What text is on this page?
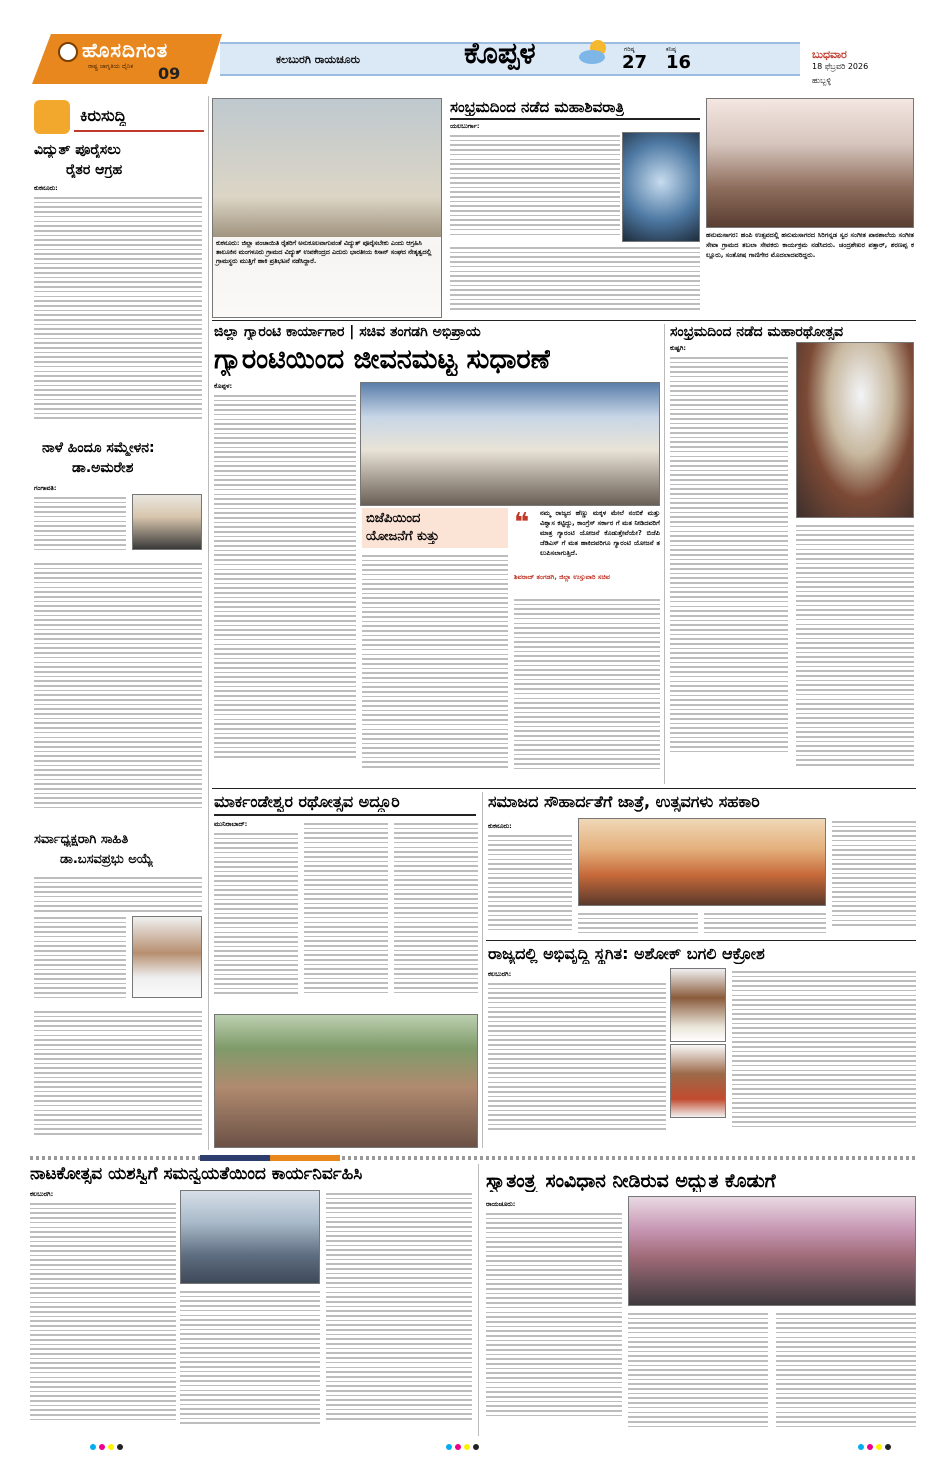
ಹೊಸದಿಗಂತ
ರಾಷ್ಟ್ರ ಜಾಗೃತಿಯ ದೈನಿಕ 09
ಕಲಬುರಗಿ ರಾಯಚೂರು	ಕೊಪ್ಪಳ	ಗರಿಷ್ಠ
27
ಕನಿಷ್ಠ
16	ಬುಧವಾರ
18 ಫೆಬ್ರವರಿ 2026
ಹುಬ್ಬಳ್ಳಿ
ಕಿರುಸುದ್ದಿ
ವಿದ್ಯುತ್ ಪೂರೈಸಲು
ರೈತರ ಆಗ್ರಹ
ಕುಕನೂರು:
ನಾಳೆ ಹಿಂದೂ ಸಮ್ಮೇಳನ:
ಡಾ.ಅಮರೇಶ
ಗಂಗಾವತಿ:
ಸರ್ವಾಧ್ಯಕ್ಷರಾಗಿ ಸಾಹಿತಿ
ಡಾ.ಬಸವಪ್ರಭು ಅಯ್ಯೆ
ಕುಕನೂರು: ಜಿಲ್ಲಾ ಪಂಚಾಯಿತಿ ರೈತರಿಗೆ ಅನುಕೂಲವಾಗುವಂತೆ ವಿದ್ಯುತ್ ಪೂರೈಸಬೇಕು ಎಂದು ಆಗ್ರಹಿಸಿ ತಾಲೂಕಿನ ಮಂಗಳೂರು ಗ್ರಾಮದ ವಿದ್ಯುತ್ ಉಪಕೇಂದ್ರದ ಎದುರು ಭಾರತೀಯ ಕಿಸಾನ್ ಸಂಘದ ನೇತೃತ್ವದಲ್ಲಿ ಗ್ರಾಮಸ್ಥರು ಮುತ್ತಿಗೆ ಹಾಕಿ ಪ್ರತಿಭಟನೆ ನಡೆಸಿದ್ದಾರೆ.
ಸಂಭ್ರಮದಿಂದ ನಡೆದ ಮಹಾಶಿವರಾತ್ರಿ
ಯಲಬುರ್ಗಾ:
ಹನುಮಸಾಗರ: ಹಂಪಿ ಉತ್ಸವದಲ್ಲಿ ಹನುಮಸಾಗರದ ಸಿರಿಗನ್ನಡ ಸ್ವರ ಸಂಗೀತ ಪಾಠಶಾಲೆಯ ಸಂಗೀತ ಸೇವಾ ಗ್ರಾಮದ ತಬಲಾ ಸೇವಕರು ಕಾರ್ಯಕ್ರಮ ನಡೆಸಿದರು. ಚಂದ್ರಶೇಖರ ಪತ್ತಾರ್, ಶರಣಪ್ಪ ಕಲ್ಲೂರು, ಸಂತೋಷ ಗಾಣಿಗೇರ ಮೊದಲಾದವರಿದ್ದರು.
ಜಿಲ್ಲಾ ಗ್ಯಾರಂಟಿ ಕಾರ್ಯಾಗಾರ | ಸಚಿವ ತಂಗಡಗಿ ಅಭಿಪ್ರಾಯ
ಗ್ಯಾರಂಟಿಯಿಂದ ಜೀವನಮಟ್ಟ ಸುಧಾರಣೆ
ಕೊಪ್ಪಳ:
ಬಿಜೆಪಿಯಿಂದ
ಯೋಜನೆಗೆ ಕುತ್ತು	❝ ನಮ್ಮ ರಾಜ್ಯದ ಹೆಣ್ಣು ಮಕ್ಕಳ ಮೇಲೆ ನಂಬಿಕೆ ಮತ್ತು ವಿಶ್ವಾಸ ಕಟ್ಟಿದ್ದು, ಕಾಂಗ್ರೆಸ್ ಸರ್ಕಾರ ಗೆ ಮತ ನೀಡಿದವರಿಗೆ ಮಾತ್ರ ಗ್ಯಾರಂಟಿ ಯೋಜನೆ ಕೊಡುತ್ತೇವೆಯೇ? ಬಿಜೆಪಿ ಜೆಡಿಎಸ್ ಗೆ ಮತ ಹಾಕಿದವರಿಗೂ ಗ್ಯಾರಂಟಿ ಯೋಜನೆ ತಲುಪಿಸಲಾಗುತ್ತಿದೆ.
ಶಿವರಾಜ್ ತಂಗಡಗಿ, ಜಿಲ್ಲಾ ಉಸ್ತುವಾರಿ ಸಚಿವ
ಸಂಭ್ರಮದಿಂದ ನಡೆದ ಮಹಾರಥೋತ್ಸವ
ಕುಷ್ಟಗಿ:
ಮಾರ್ಕಂಡೇಶ್ವರ ರಥೋತ್ಸವ ಅದ್ದೂರಿ
ಮುನಿರಾಬಾದ್:
ಸಮಾಜದ ಸೌಹಾರ್ದತೆಗೆ ಜಾತ್ರೆ, ಉತ್ಸವಗಳು ಸಹಕಾರಿ
ಕುಕನೂರು:
ರಾಜ್ಯದಲ್ಲಿ ಅಭಿವೃದ್ಧಿ ಸ್ಥಗಿತ: ಅಶೋಕ್ ಬಗಲಿ ಆಕ್ರೋಶ
ಕಲಬುರಗಿ:
ನಾಟಕೋತ್ಸವ ಯಶಸ್ವಿಗೆ ಸಮನ್ವಯತೆಯಿಂದ ಕಾರ್ಯನಿರ್ವಹಿಸಿ
ಕಲಬುರಗಿ:
ಸ್ವಾತಂತ್ರ್ಯ ಸಂವಿಧಾನ ನೀಡಿರುವ ಅದ್ಭುತ ಕೊಡುಗೆ
ರಾಯಚೂರು:
